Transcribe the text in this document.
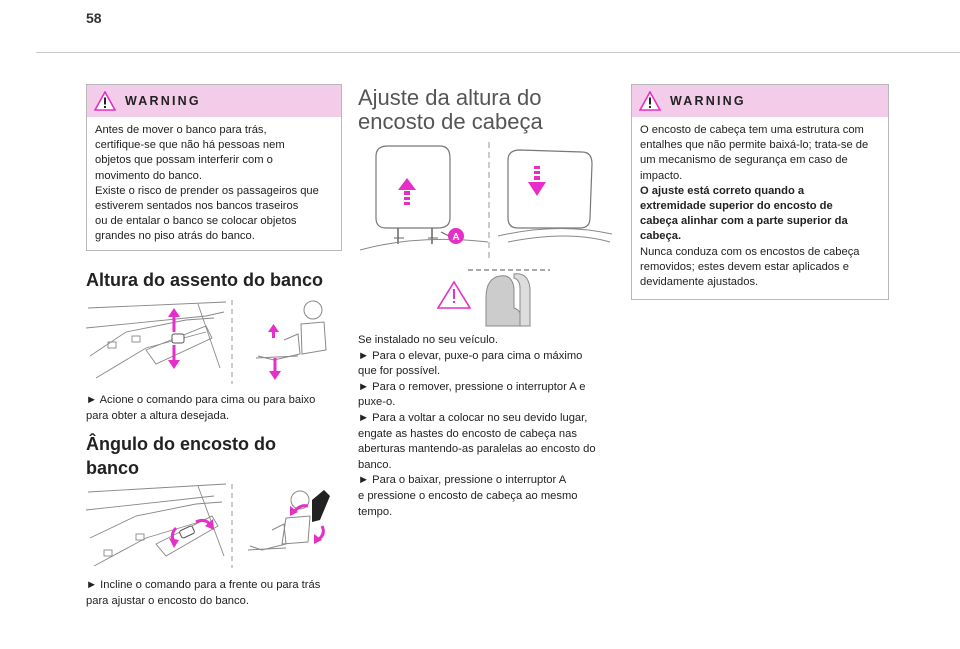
58
WARNING

Antes de mover o banco para trás,

certifique-se que não há pessoas nem

objetos que possam interferir com o

movimento do banco.

Existe o risco de prender os passageiros que

estiverem sentados nos bancos traseiros

ou de entalar o banco se colocar objetos

grandes no piso atrás do banco.

Altura do assento do banco

► Acione o comando para cima ou para baixo

para obter a altura desejada.

Ângulo do encosto do
banco

► Incline o comando para a frente ou para trás

para ajustar o encosto do banco.

Ajuste da altura do
encosto de cabeça
A

Se instalado no seu veículo.

► Para o elevar, puxe-o para cima o máximo

que for possível.

► Para o remover, pressione o interruptor A e

puxe-o.

► Para a voltar a colocar no seu devido lugar,

engate as hastes do encosto de cabeça nas

aberturas mantendo-as paralelas ao encosto do

banco.

► Para o baixar, pressione o interruptor A

e pressione o encosto de cabeça ao mesmo

tempo.

WARNING

O encosto de cabeça tem uma estrutura com

entalhes que não permite baixá-lo; trata-se de

um mecanismo de segurança em caso de

impacto.

O ajuste está correto quando a

extremidade superior do encosto de

cabeça alinhar com a parte superior da

cabeça.

Nunca conduza com os encostos de cabeça

removidos; estes devem estar aplicados e

devidamente ajustados.
